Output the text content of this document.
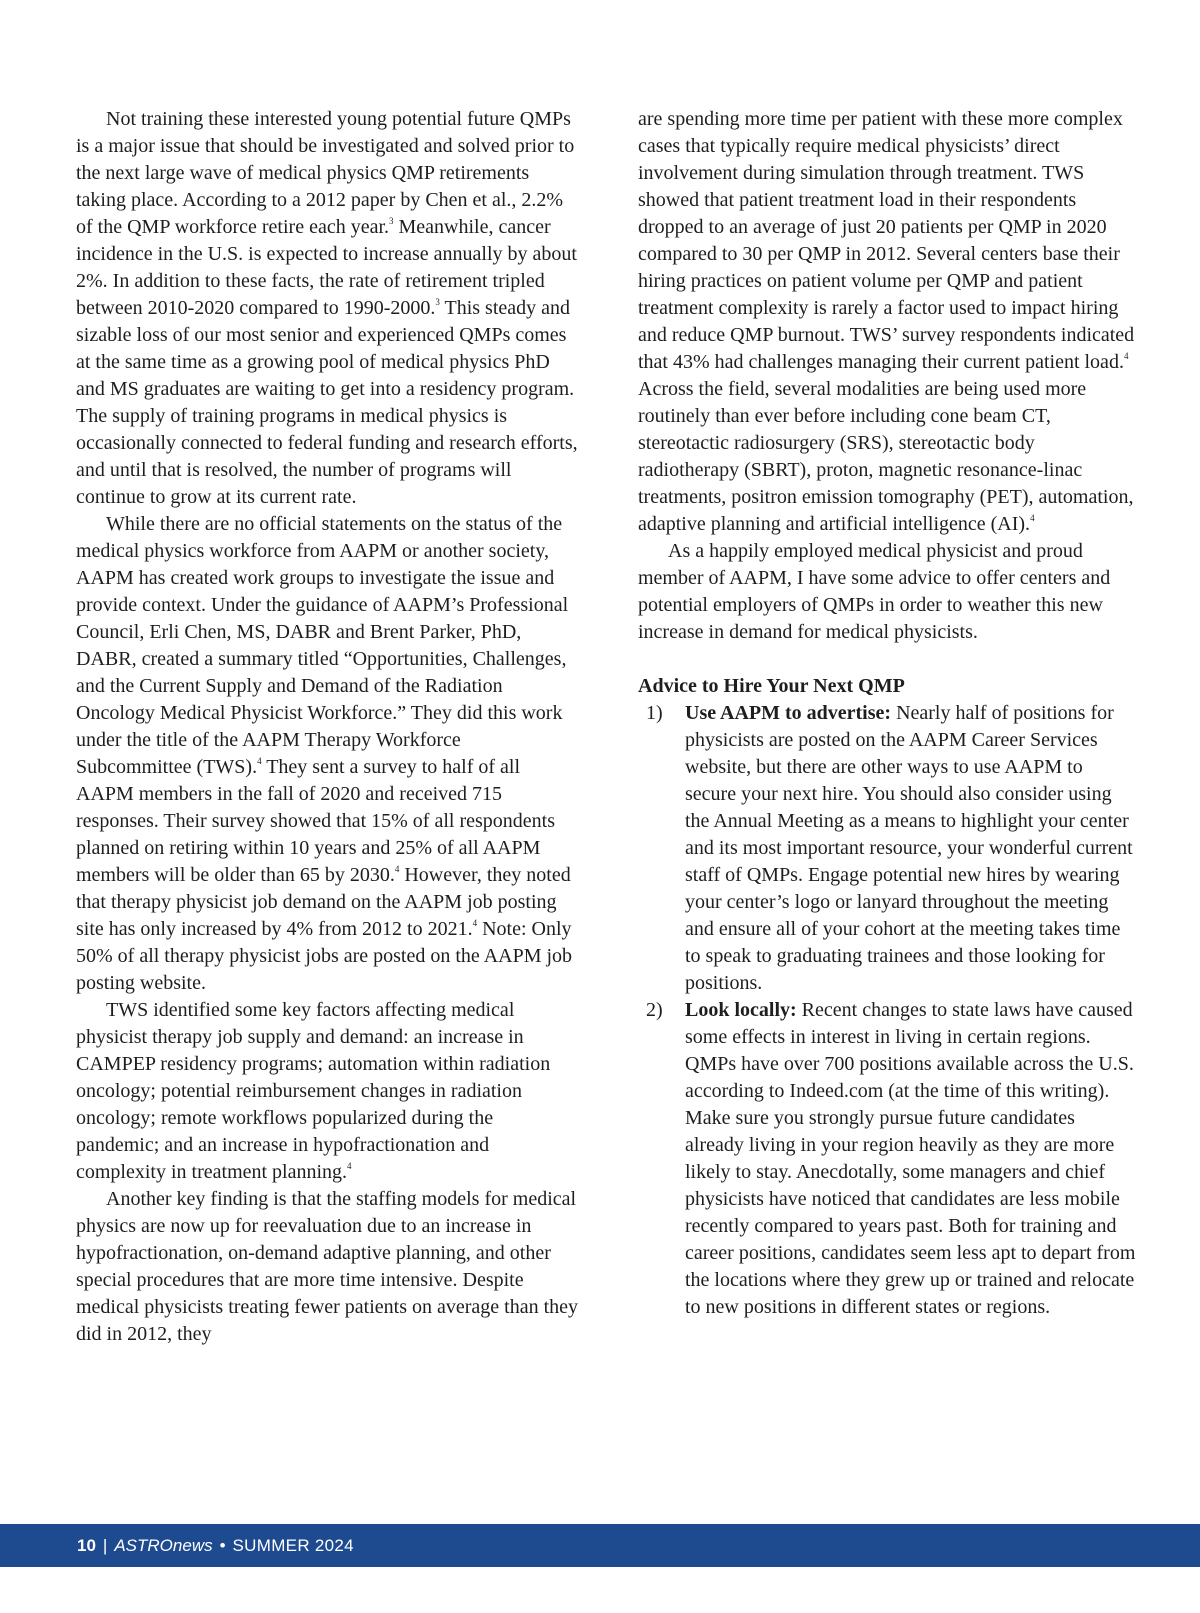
Not training these interested young potential future QMPs is a major issue that should be investigated and solved prior to the next large wave of medical physics QMP retirements taking place. According to a 2012 paper by Chen et al., 2.2% of the QMP workforce retire each year.$^3$ Meanwhile, cancer incidence in the U.S. is expected to increase annually by about 2%. In addition to these facts, the rate of retirement tripled between 2010-2020 compared to 1990-2000.$^3$ This steady and sizable loss of our most senior and experienced QMPs comes at the same time as a growing pool of medical physics PhD and MS graduates are waiting to get into a residency program. The supply of training programs in medical physics is occasionally connected to federal funding and research efforts, and until that is resolved, the number of programs will continue to grow at its current rate.

While there are no official statements on the status of the medical physics workforce from AAPM or another society, AAPM has created work groups to investigate the issue and provide context. Under the guidance of AAPM’s Professional Council, Erli Chen, MS, DABR and Brent Parker, PhD, DABR, created a summary titled “Opportunities, Challenges, and the Current Supply and Demand of the Radiation Oncology Medical Physicist Workforce.” They did this work under the title of the AAPM Therapy Workforce Subcommittee (TWS).$^4$ They sent a survey to half of all AAPM members in the fall of 2020 and received 715 responses. Their survey showed that 15% of all respondents planned on retiring within 10 years and 25% of all AAPM members will be older than 65 by 2030.$^4$ However, they noted that therapy physicist job demand on the AAPM job posting site has only increased by 4% from 2012 to 2021.$^4$ Note: Only 50% of all therapy physicist jobs are posted on the AAPM job posting website.

TWS identified some key factors affecting medical physicist therapy job supply and demand: an increase in CAMPEP residency programs; automation within radiation oncology; potential reimbursement changes in radiation oncology; remote workflows popularized during the pandemic; and an increase in hypofractionation and complexity in treatment planning.$^4$

Another key finding is that the staffing models for medical physics are now up for reevaluation due to an increase in hypofractionation, on-demand adaptive planning, and other special procedures that are more time intensive. Despite medical physicists treating fewer patients on average than they did in 2012, they

are spending more time per patient with these more complex cases that typically require medical physicists’ direct involvement during simulation through treatment. TWS showed that patient treatment load in their respondents dropped to an average of just 20 patients per QMP in 2020 compared to 30 per QMP in 2012. Several centers base their hiring practices on patient volume per QMP and patient treatment complexity is rarely a factor used to impact hiring and reduce QMP burnout. TWS’ survey respondents indicated that 43% had challenges managing their current patient load.$^4$ Across the field, several modalities are being used more routinely than ever before including cone beam CT, stereotactic radiosurgery (SRS), stereotactic body radiotherapy (SBRT), proton, magnetic resonance-linac treatments, positron emission tomography (PET), automation, adaptive planning and artificial intelligence (AI).$^4$

As a happily employed medical physicist and proud member of AAPM, I have some advice to offer centers and potential employers of QMPs in order to weather this new increase in demand for medical physicists.

Advice to Hire Your Next QMP
1) Use AAPM to advertise: Nearly half of positions for physicists are posted on the AAPM Career Services website, but there are other ways to use AAPM to secure your next hire. You should also consider using the Annual Meeting as a means to highlight your center and its most important resource, your wonderful current staff of QMPs. Engage potential new hires by wearing your center’s logo or lanyard throughout the meeting and ensure all of your cohort at the meeting takes time to speak to graduating trainees and those looking for positions.
2) Look locally: Recent changes to state laws have caused some effects in interest in living in certain regions. QMPs have over 700 positions available across the U.S. according to Indeed.com (at the time of this writing). Make sure you strongly pursue future candidates already living in your region heavily as they are more likely to stay. Anecdotally, some managers and chief physicists have noticed that candidates are less mobile recently compared to years past. Both for training and career positions, candidates seem less apt to depart from the locations where they grew up or trained and relocate to new positions in different states or regions.
10 | ASTROnews • SUMMER 2024
